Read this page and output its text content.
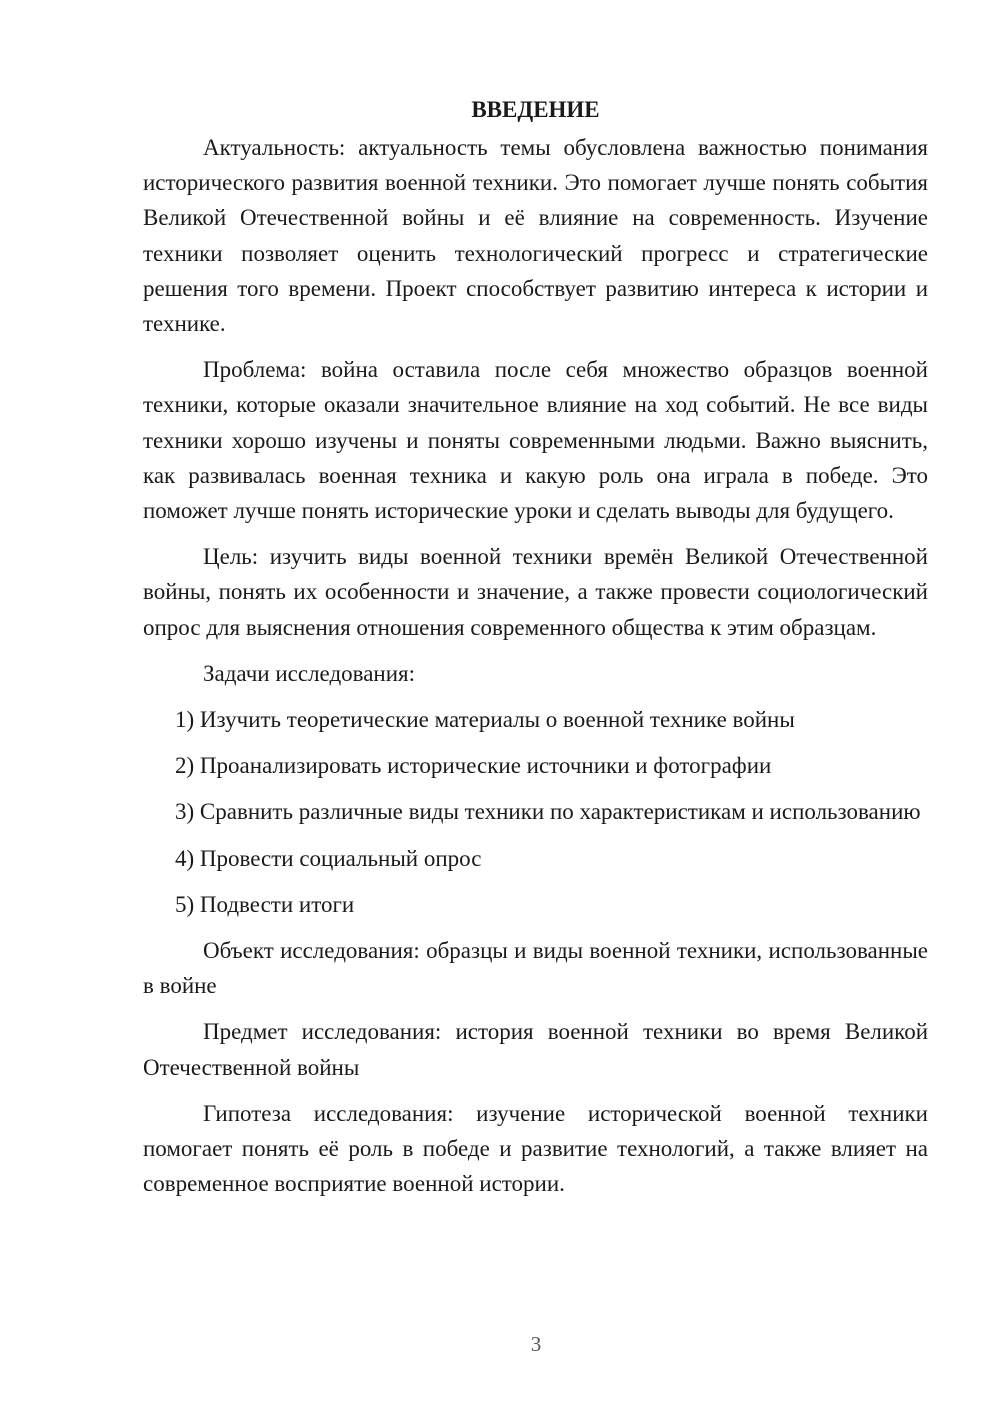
ВВЕДЕНИЕ

Актуальность: актуальность темы обусловлена важностью понимания исторического развития военной техники. Это помогает лучше понять события Великой Отечественной войны и её влияние на современность. Изучение техники позволяет оценить технологический прогресс и стратегические решения того времени. Проект способствует развитию интереса к истории и технике.

Проблема: война оставила после себя множество образцов военной техники, которые оказали значительное влияние на ход событий. Не все виды техники хорошо изучены и поняты современными людьми. Важно выяснить, как развивалась военная техника и какую роль она играла в победе. Это поможет лучше понять исторические уроки и сделать выводы для будущего.

Цель: изучить виды военной техники времён Великой Отечественной войны, понять их особенности и значение, а также провести социологический опрос для выяснения отношения современного общества к этим образцам.

Задачи исследования:

1) Изучить теоретические материалы о военной технике войны

2) Проанализировать исторические источники и фотографии

3) Сравнить различные виды техники по характеристикам и использованию

4) Провести социальный опрос

5) Подвести итоги

Объект исследования: образцы и виды военной техники, использованные в войне

Предмет исследования: история военной техники во время Великой Отечественной войны

Гипотеза исследования: изучение исторической военной техники помогает понять её роль в победе и развитие технологий, а также влияет на современное восприятие военной истории.

3
